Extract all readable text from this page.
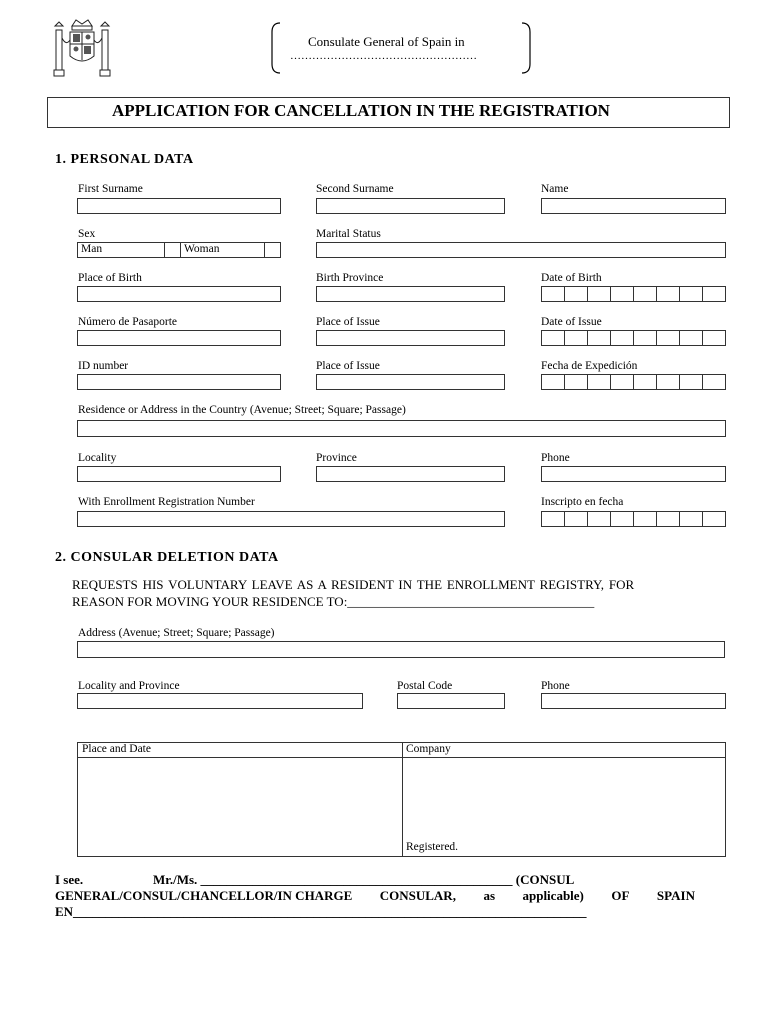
Consulate General of Spain in
……………………………………………
APPLICATION FOR CANCELLATION IN THE REGISTRATION
1. PERSONAL DATA
First Surname	Second Surname	Name
Sex
Man	Woman
Marital Status
Place of Birth	Birth Province	Date of Birth
Número de Pasaporte	Place of Issue	Date of Issue
ID number	Place of Issue	Fecha de Expedición
Residence or Address in the Country (Avenue; Street; Square; Passage)
Locality	Province	Phone
With Enrollment Registration Number	Inscripto en fecha
2. CONSULAR DELETION DATA
REQUESTS HIS VOLUNTARY LEAVE AS A RESIDENT IN THE ENROLLMENT REGISTRY, FOR
REASON FOR MOVING YOUR RESIDENCE TO:______________________________________
Address (Avenue; Street; Square; Passage)
Locality and Province	Postal Code	Phone
Place and Date	Company
Registered.
I see.	Mr./Ms. ________________________________________________ (CONSUL
GENERAL/CONSUL/CHANCELLOR/IN CHARGE CONSULAR, as applicable) OF SPAIN
EN_______________________________________________________________________________
